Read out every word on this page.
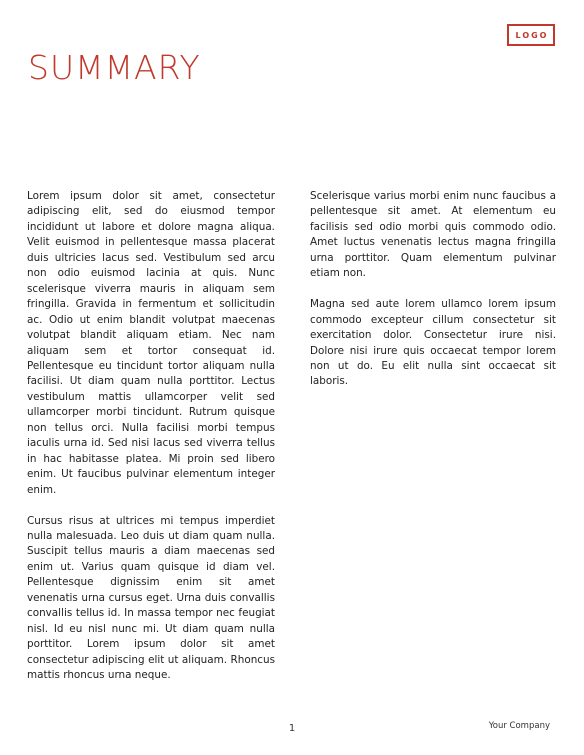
LOGO
SUMMARY

Lorem ipsum dolor sit amet, consectetur adipiscing elit, sed do eiusmod tempor incididunt ut labore et dolore magna aliqua. Velit euismod in pellentesque massa placerat duis ultricies lacus sed. Vestibulum sed arcu non odio euismod lacinia at quis. Nunc scelerisque viverra mauris in aliquam sem fringilla. Gravida in fermentum et sollicitudin ac. Odio ut enim blandit volutpat maecenas volutpat blandit aliquam etiam. Nec nam aliquam sem et tortor consequat id. Pellentesque eu tincidunt tortor aliquam nulla facilisi. Ut diam quam nulla porttitor. Lectus vestibulum mattis ullamcorper velit sed ullamcorper morbi tincidunt. Rutrum quisque non tellus orci. Nulla facilisi morbi tempus iaculis urna id. Sed nisi lacus sed viverra tellus in hac habitasse platea. Mi proin sed libero enim. Ut faucibus pulvinar elementum integer enim.

Cursus risus at ultrices mi tempus imperdiet nulla malesuada. Leo duis ut diam quam nulla. Suscipit tellus mauris a diam maecenas sed enim ut. Varius quam quisque id diam vel. Pellentesque dignissim enim sit amet venenatis urna cursus eget. Urna duis convallis convallis tellus id. In massa tempor nec feugiat nisl. Id eu nisl nunc mi. Ut diam quam nulla porttitor. Lorem ipsum dolor sit amet consectetur adipiscing elit ut aliquam. Rhoncus mattis rhoncus urna neque.

Scelerisque varius morbi enim nunc faucibus a pellentesque sit amet. At elementum eu facilisis sed odio morbi quis commodo odio. Amet luctus venenatis lectus magna fringilla urna porttitor. Quam elementum pulvinar etiam non.

Magna sed aute lorem ullamco lorem ipsum commodo excepteur cillum consectetur sit exercitation dolor. Consectetur irure nisi. Dolore nisi irure quis occaecat tempor lorem non ut do. Eu elit nulla sint occaecat sit laboris.

1	Your Company
